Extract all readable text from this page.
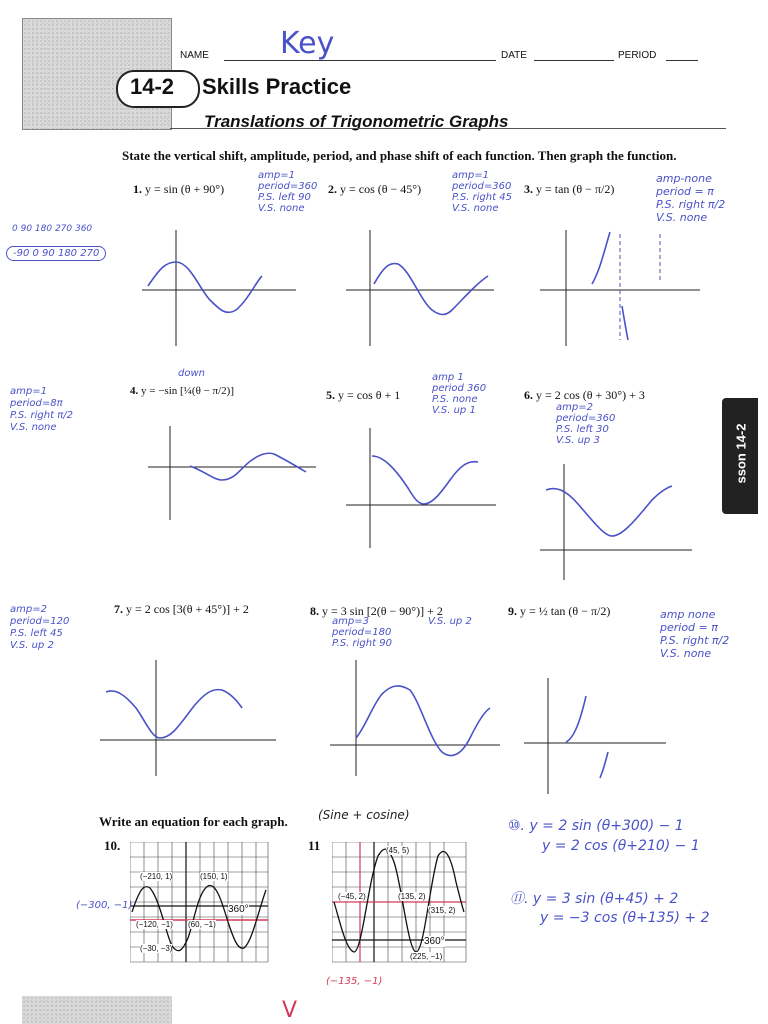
NAME Key	DATE	PERIOD
14-2 Skills Practice
Translations of Trigonometric Graphs
sson 14-2
State the vertical shift, amplitude, period, and phase shift of each function. Then graph the function.
1. y = sin (θ + 90°)	2. y = cos (θ − 45°)	3. y = tan (θ − π/2)
4. y = −sin [¼(θ − π/2)]	5. y = cos θ + 1	6. y = 2 cos (θ + 30°) + 3
7. y = 2 cos [3(θ + 45°)] + 2	8. y = 3 sin [2(θ − 90°)] + 2	9. y = ½ tan (θ − π/2)
amp=1
period=360
P.S. left 90
V.S. none
amp=1
period=360
P.S. right 45
V.S. none
amp-none
period = π
P.S. right π/2
V.S. none
amp=1
period=8π
P.S. right π/2
V.S. none
down	amp 1
period 360
P.S. none
V.S. up 1	amp=2
period=360
P.S. left 30
V.S. up 3
amp=2
period=120
P.S. left 45
V.S. up 2
amp=3
period=180
P.S. right 90
V.S. up 2
amp none
period = π
P.S. right π/2
V.S. none
0 90 180 270 360
-90 0 90 180 270
Write an equation for each graph.	(Sine + cosine)
10.	11
(−210, 1)	(150, 1)
(−120, −1) (60, −1)
(−30, −3)
360°
(−300, −1)
(45, 5)
(−45, 2)	(135, 2)
(315, 2)
(225, −1)
360°
(−135, −1)
⑩. y = 2 sin (θ+300) − 1
y = 2 cos (θ+210) − 1
⑪. y = 3 sin (θ+45) + 2
y = −3 cos (θ+135) + 2
V
